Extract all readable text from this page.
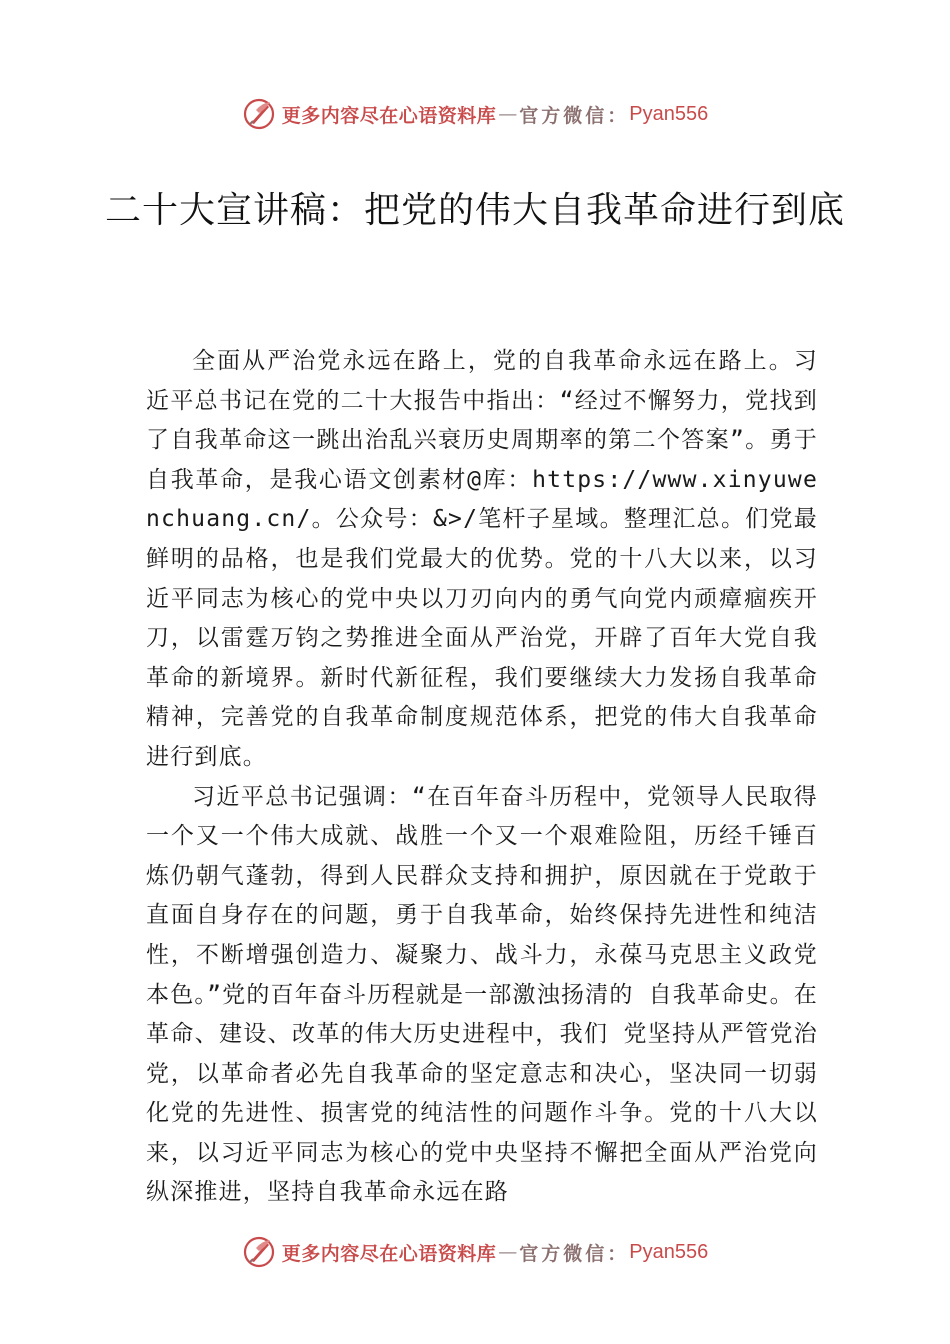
更多内容尽在心语资料库 — 官方微信： Pyan556
二十大宣讲稿：把党的伟大自我革命进行到底

全面从严治党永远在路上，党的自我革命永远在路上。习近平总书记在党的二十大报告中指出：“经过不懈努力，党找到了自我革命这一跳出治乱兴衰历史周期率的第二个答案”。勇于自我革命，是我心语文创素材@库：https://www.xinyuwenchuang.cn/。公众号：&>/笔杆子星域。整理汇总。们党最鲜明的品格，也是我们党最大的优势。党的十八大以来，以习近平同志为核心的党中央以刀刃向内的勇气向党内顽瘴痼疾开刀，以雷霆万钧之势推进全面从严治党，开辟了百年大党自我革命的新境界。新时代新征程，我们要继续大力发扬自我革命精神，完善党的自我革命制度规范体系，把党的伟大自我革命进行到底。

习近平总书记强调：“在百年奋斗历程中，党领导人民取得一个又一个伟大成就、战胜一个又一个艰难险阻，历经千锤百炼仍朝气蓬勃，得到人民群众支持和拥护，原因就在于党敢于直面自身存在的问题，勇于自我革命，始终保持先进性和纯洁性，不断增强创造力、凝聚力、战斗力，永葆马克思主义政党本色。”党的百年奋斗历程就是一部激浊扬清的 自我革命史。在革命、建设、改革的伟大历史进程中，我们 党坚持从严管党治党，以革命者必先自我革命的坚定意志和决心，坚决同一切弱化党的先进性、损害党的纯洁性的问题作斗争。党的十八大以来，以习近平同志为核心的党中央坚持不懈把全面从严治党向纵深推进，坚持自我革命永远在路

更多内容尽在心语资料库 — 官方微信： Pyan556
